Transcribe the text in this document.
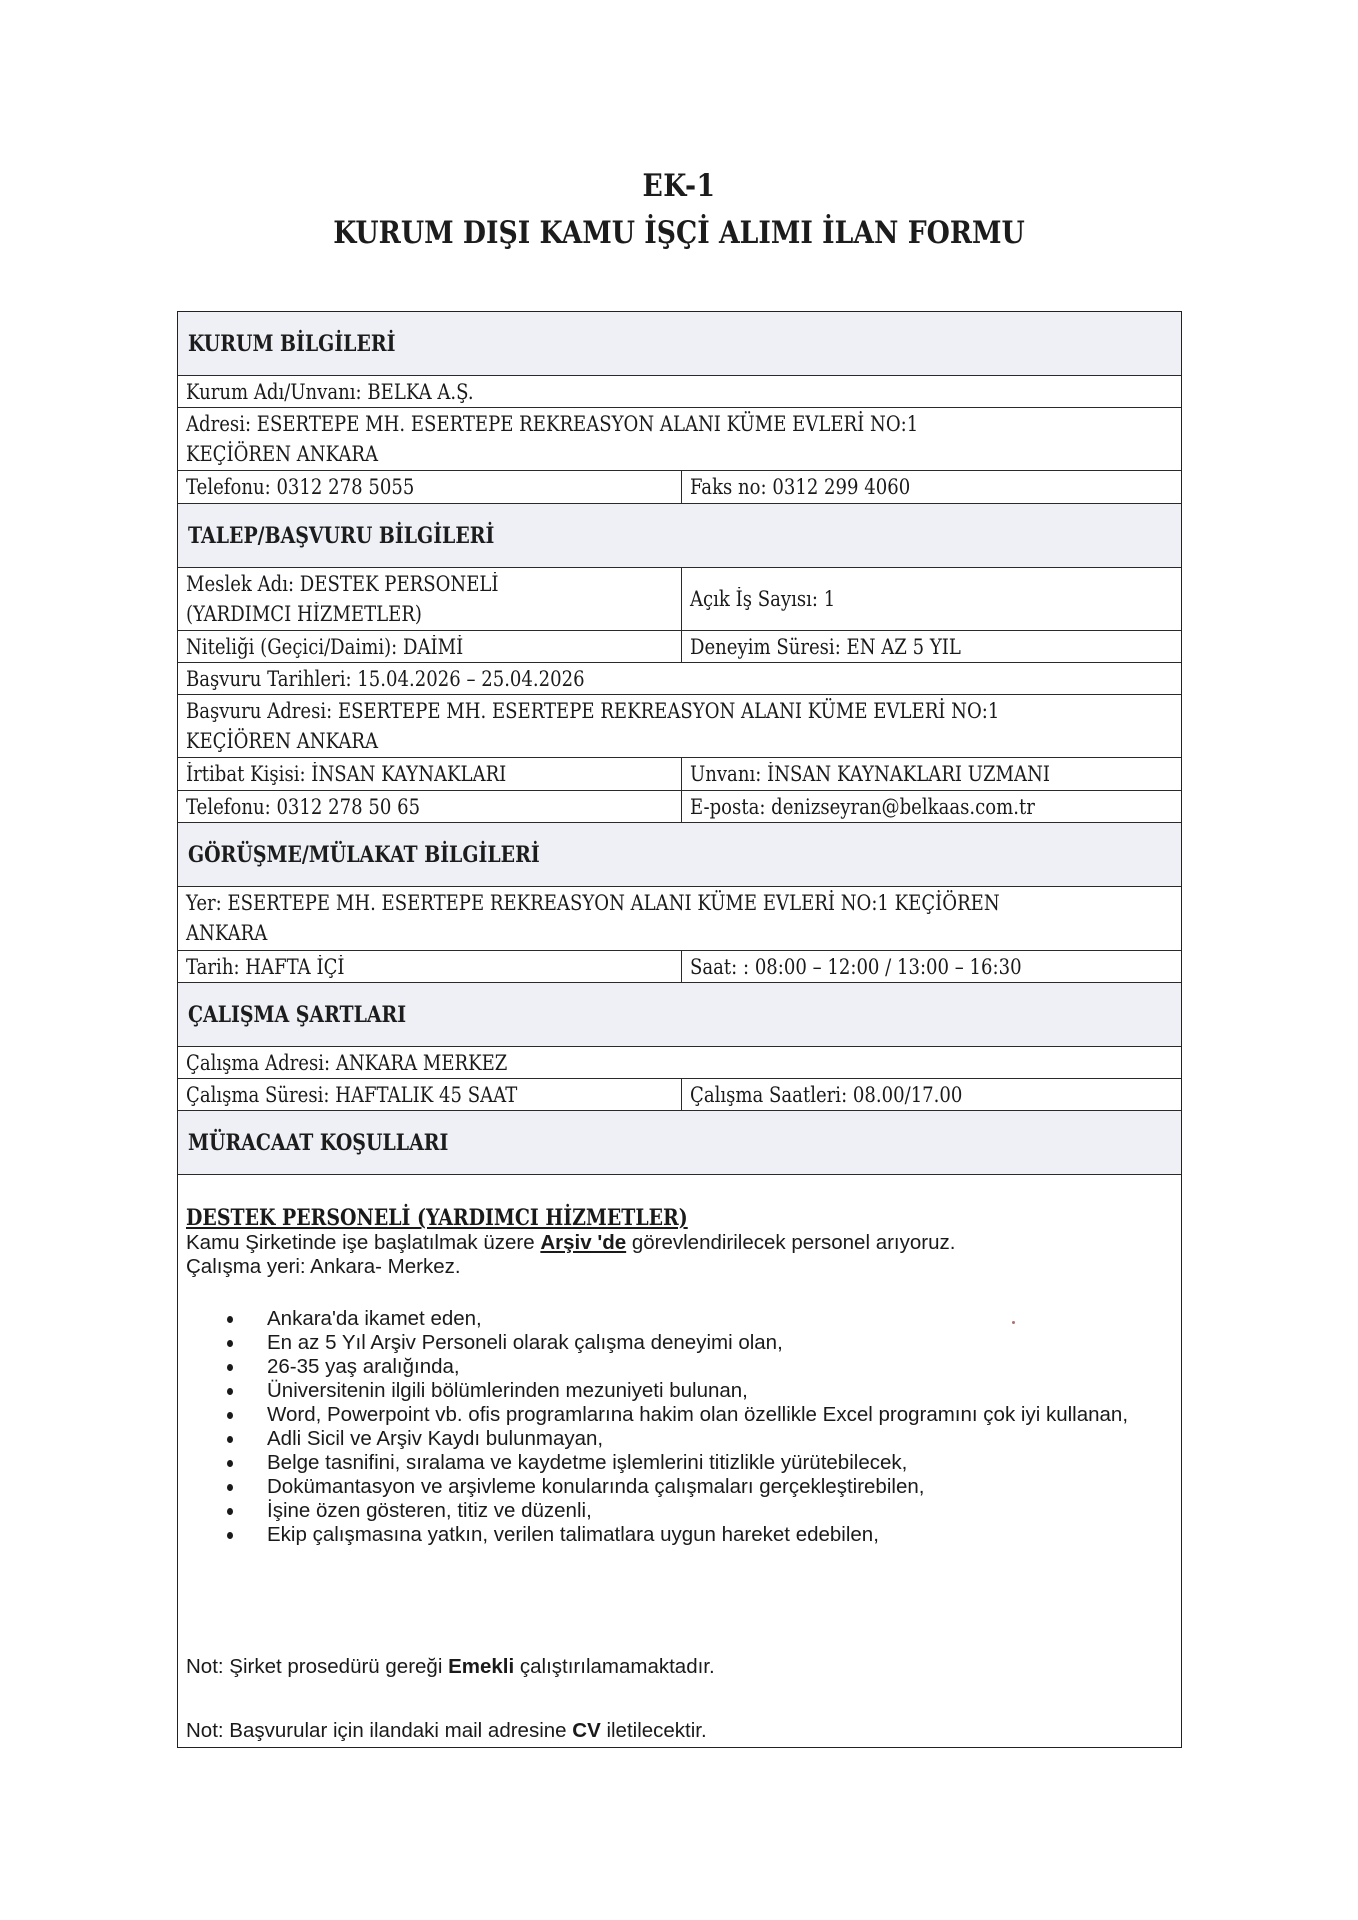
EK-1
KURUM DIŞI KAMU İŞÇİ ALIMI İLAN FORMU
KURUM BİLGİLERİ
Kurum Adı/Unvanı: BELKA A.Ş.
Adresi: ESERTEPE MH. ESERTEPE REKREASYON ALANI KÜME EVLERİ NO:1
KEÇİÖREN ANKARA
Telefonu: 0312 278 5055	Faks no: 0312 299 4060
TALEP/BAŞVURU BİLGİLERİ
Meslek Adı: DESTEK PERSONELİ
(YARDIMCI HİZMETLER)
Açık İş Sayısı: 1
Niteliği (Geçici/Daimi): DAİMİ	Deneyim Süresi: EN AZ 5 YIL
Başvuru Tarihleri: 15.04.2026 – 25.04.2026
Başvuru Adresi: ESERTEPE MH. ESERTEPE REKREASYON ALANI KÜME EVLERİ NO:1
KEÇİÖREN ANKARA
İrtibat Kişisi: İNSAN KAYNAKLARI	Unvanı: İNSAN KAYNAKLARI UZMANI
Telefonu: 0312 278 50 65	E-posta: denizseyran@belkaas.com.tr
GÖRÜŞME/MÜLAKAT BİLGİLERİ
Yer: ESERTEPE MH. ESERTEPE REKREASYON ALANI KÜME EVLERİ NO:1 KEÇİÖREN
ANKARA
Tarih: HAFTA İÇİ	Saat: : 08:00 – 12:00 / 13:00 – 16:30
ÇALIŞMA ŞARTLARI
Çalışma Adresi: ANKARA MERKEZ
Çalışma Süresi: HAFTALIK 45 SAAT	Çalışma Saatleri: 08.00/17.00
MÜRACAAT KOŞULLARI
DESTEK PERSONELİ (YARDIMCI HİZMETLER)
Kamu Şirketinde işe başlatılmak üzere Arşiv 'de görevlendirilecek personel arıyoruz.
Çalışma yeri: Ankara- Merkez.
Ankara'da ikamet eden,
En az 5 Yıl Arşiv Personeli olarak çalışma deneyimi olan,
26-35 yaş aralığında,
Üniversitenin ilgili bölümlerinden mezuniyeti bulunan,
Word, Powerpoint vb. ofis programlarına hakim olan özellikle Excel programını çok iyi kullanan,
Adli Sicil ve Arşiv Kaydı bulunmayan,
Belge tasnifini, sıralama ve kaydetme işlemlerini titizlikle yürütebilecek,
Dokümantasyon ve arşivleme konularında çalışmaları gerçekleştirebilen,
İşine özen gösteren, titiz ve düzenli,
Ekip çalışmasına yatkın, verilen talimatlara uygun hareket edebilen,
Not: Şirket prosedürü gereği Emekli çalıştırılamamaktadır.
Not: Başvurular için ilandaki mail adresine CV iletilecektir.
